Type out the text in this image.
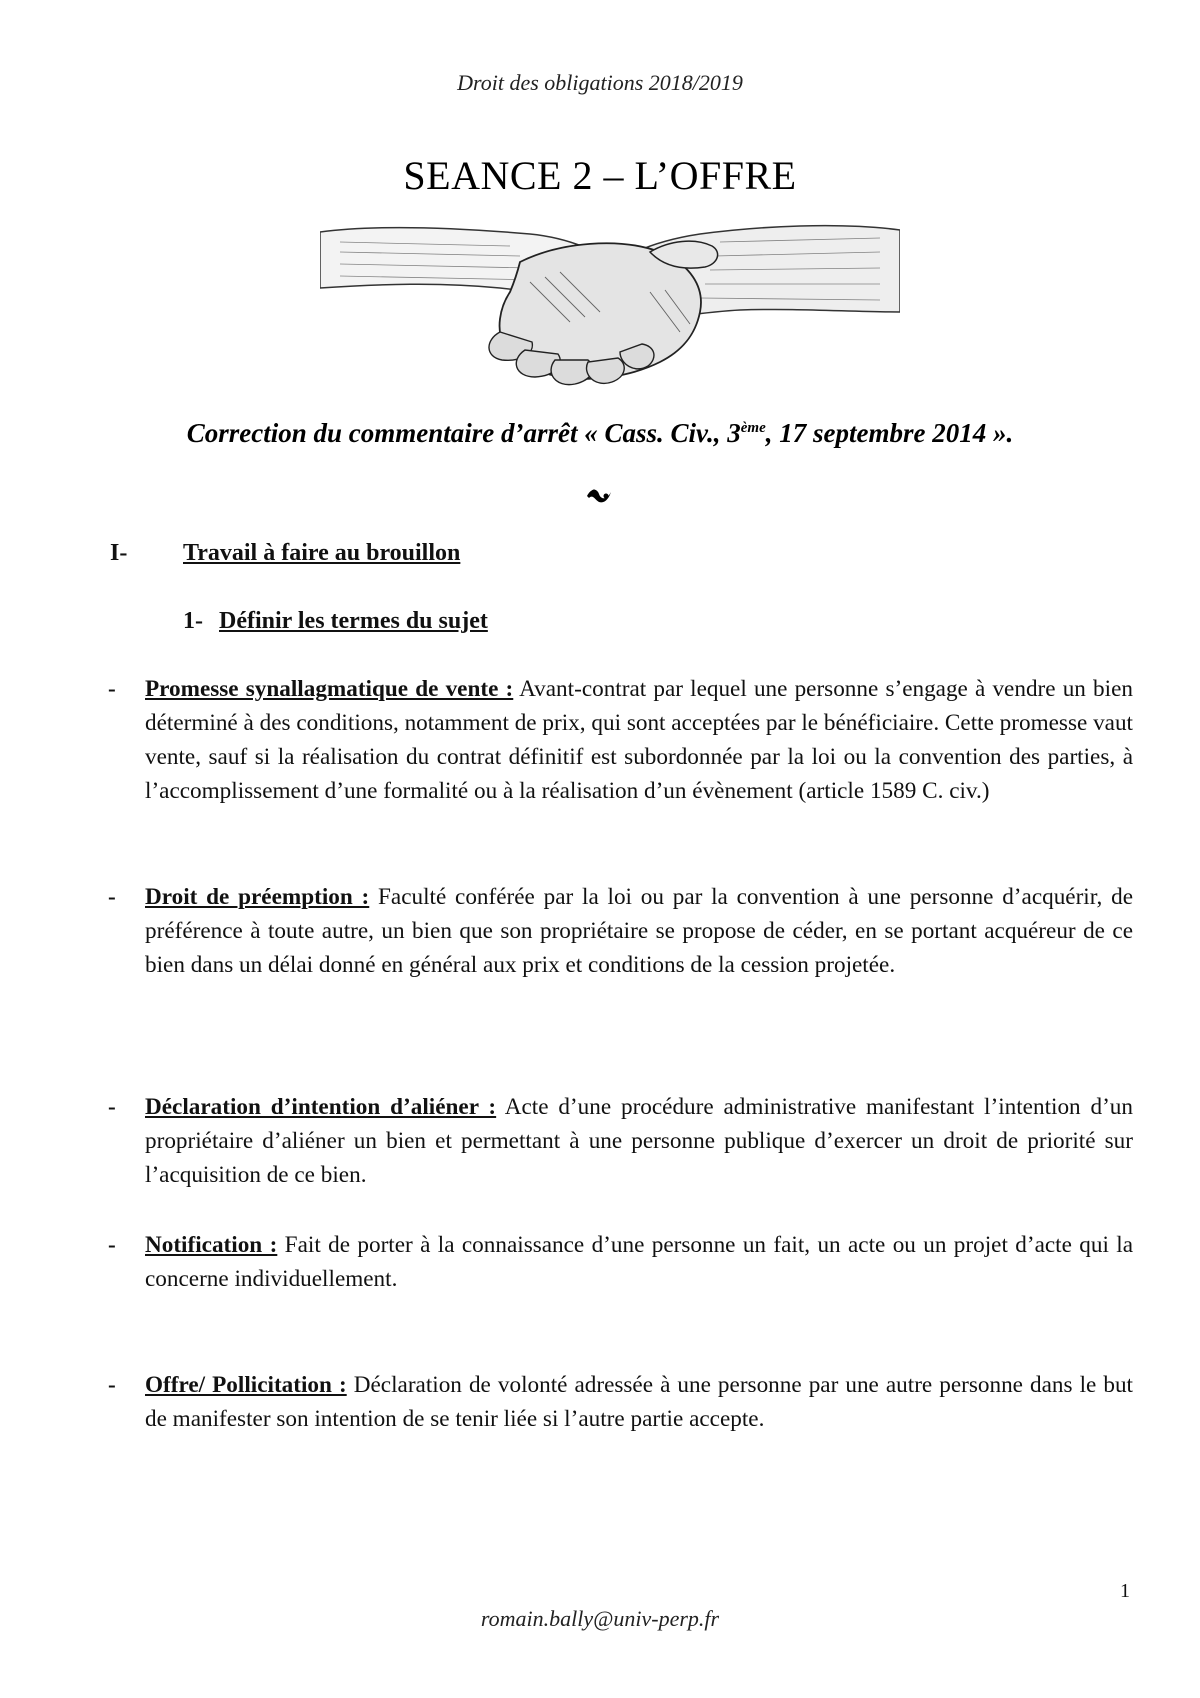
Droit des obligations 2018/2019
SEANCE 2 – L’OFFRE
Correction du commentaire d’arrêt « Cass. Civ., 3ème, 17 septembre 2014 ».
I- Travail à faire au brouillon
1- Définir les termes du sujet
- Promesse synallagmatique de vente : Avant-contrat par lequel une personne s’engage à vendre un bien déterminé à des conditions, notamment de prix, qui sont acceptées par le bénéficiaire. Cette promesse vaut vente, sauf si la réalisation du contrat définitif est subordonnée par la loi ou la convention des parties, à l’accomplissement d’une formalité ou à la réalisation d’un évènement (article 1589 C. civ.)
- Droit de préemption : Faculté conférée par la loi ou par la convention à une personne d’acquérir, de préférence à toute autre, un bien que son propriétaire se propose de céder, en se portant acquéreur de ce bien dans un délai donné en général aux prix et conditions de la cession projetée.
- Déclaration d’intention d’aliéner : Acte d’une procédure administrative manifestant l’intention d’un propriétaire d’aliéner un bien et permettant à une personne publique d’exercer un droit de priorité sur l’acquisition de ce bien.
- Notification : Fait de porter à la connaissance d’une personne un fait, un acte ou un projet d’acte qui la concerne individuellement.
- Offre/ Pollicitation : Déclaration de volonté adressée à une personne par une autre personne dans le but de manifester son intention de se tenir liée si l’autre partie accepte.
1
romain.bally@univ-perp.fr
